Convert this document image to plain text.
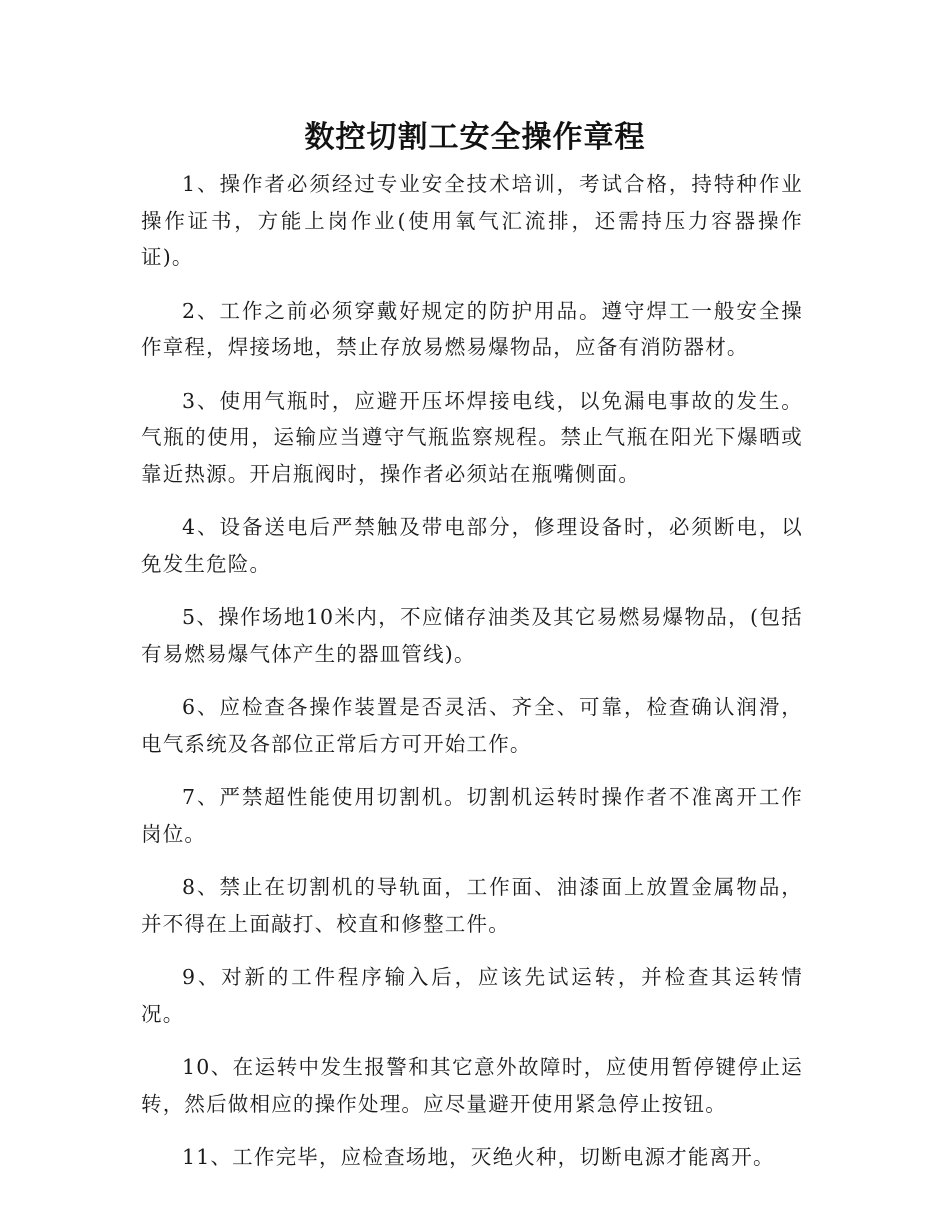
数控切割工安全操作章程
1、操作者必须经过专业安全技术培训，考试合格，持特种作业操作证书，方能上岗作业(使用氧气汇流排，还需持压力容器操作证)。
2、工作之前必须穿戴好规定的防护用品。遵守焊工一般安全操作章程，焊接场地，禁止存放易燃易爆物品，应备有消防器材。
3、使用气瓶时，应避开压坏焊接电线，以免漏电事故的发生。气瓶的使用，运输应当遵守气瓶监察规程。禁止气瓶在阳光下爆晒或靠近热源。开启瓶阀时，操作者必须站在瓶嘴侧面。
4、设备送电后严禁触及带电部分，修理设备时，必须断电，以免发生危险。
5、操作场地10米内，不应储存油类及其它易燃易爆物品，(包括有易燃易爆气体产生的器皿管线)。
6、应检查各操作装置是否灵活、齐全、可靠，检查确认润滑，电气系统及各部位正常后方可开始工作。
7、严禁超性能使用切割机。切割机运转时操作者不准离开工作岗位。
8、禁止在切割机的导轨面，工作面、油漆面上放置金属物品，并不得在上面敲打、校直和修整工件。
9、对新的工件程序输入后，应该先试运转，并检查其运转情况。
10、在运转中发生报警和其它意外故障时，应使用暂停键停止运转，然后做相应的操作处理。应尽量避开使用紧急停止按钮。
11、工作完毕，应检查场地，灭绝火种，切断电源才能离开。
